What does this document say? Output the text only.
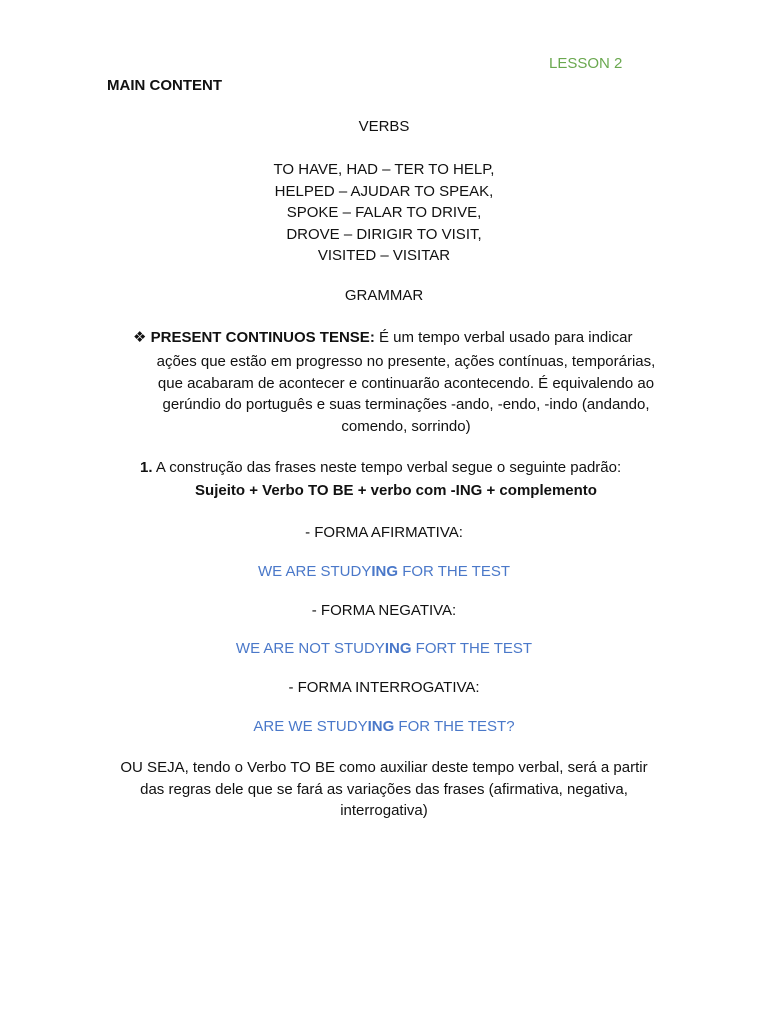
LESSON 2
MAIN CONTENT
VERBS
TO HAVE, HAD – TER TO HELP,
HELPED – AJUDAR TO SPEAK,
SPOKE – FALAR TO DRIVE,
DROVE – DIRIGIR TO VISIT,
VISITED – VISITAR
GRAMMAR
❖ PRESENT CONTINUOS TENSE: É um tempo verbal usado para indicar
ações que estão em progresso no presente, ações contínuas, temporárias,
que acabaram de acontecer e continuarão acontecendo. É equivalendo ao
gerúndio do português e suas terminações -ando, -endo, -indo (andando,
comendo, sorrindo)
1. A construção das frases neste tempo verbal segue o seguinte padrão:
Sujeito + Verbo TO BE + verbo com -ING + complemento
- FORMA AFIRMATIVA:
WE ARE STUDYING FOR THE TEST
- FORMA NEGATIVA:
WE ARE NOT STUDYING FORT THE TEST
- FORMA INTERROGATIVA:
ARE WE STUDYING FOR THE TEST?
OU SEJA, tendo o Verbo TO BE como auxiliar deste tempo verbal, será a partir
das regras dele que se fará as variações das frases (afirmativa, negativa,
interrogativa)
